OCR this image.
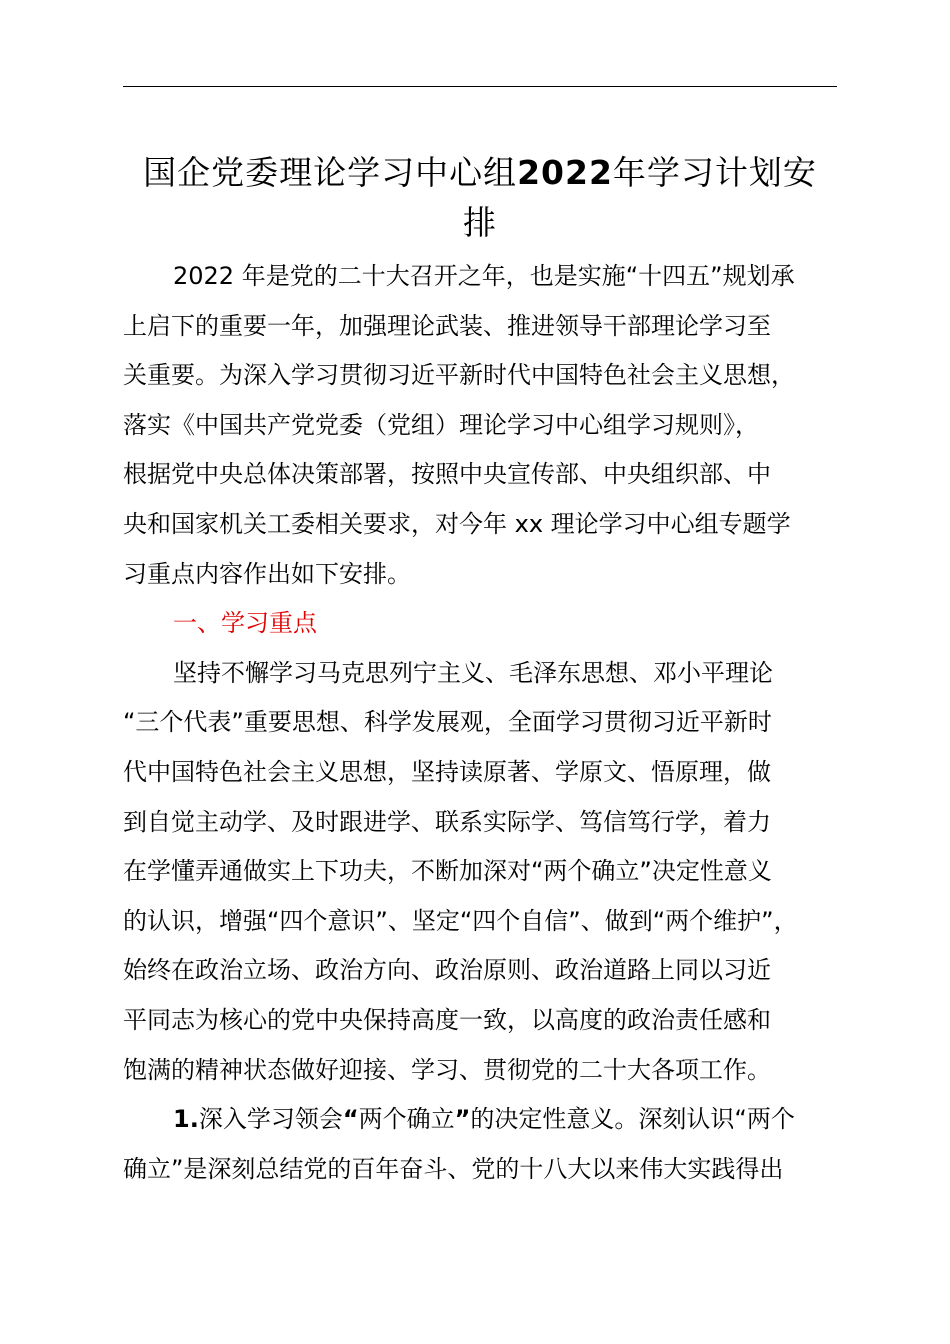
国企党委理论学习中心组2022年学习计划安
排
2022 年是党的二十大召开之年，也是实施“十四五”规划承
上启下的重要一年，加强理论武装、推进领导干部理论学习至
关重要。为深入学习贯彻习近平新时代中国特色社会主义思想，
落实《中国共产党党委（党组）理论学习中心组学习规则》，
根据党中央总体决策部署，按照中央宣传部、中央组织部、中
央和国家机关工委相关要求，对今年 xx 理论学习中心组专题学
习重点内容作出如下安排。
一、学习重点
坚持不懈学习马克思列宁主义、毛泽东思想、邓小平理论
“三个代表”重要思想、科学发展观，全面学习贯彻习近平新时
代中国特色社会主义思想，坚持读原著、学原文、悟原理，做
到自觉主动学、及时跟进学、联系实际学、笃信笃行学，着力
在学懂弄通做实上下功夫，不断加深对“两个确立”决定性意义
的认识，增强“四个意识”、坚定“四个自信”、做到“两个维护”，
始终在政治立场、政治方向、政治原则、政治道路上同以习近
平同志为核心的党中央保持高度一致，以高度的政治责任感和
饱满的精神状态做好迎接、学习、贯彻党的二十大各项工作。
1.深入学习领会“两个确立”的决定性意义。深刻认识“两个
确立”是深刻总结党的百年奋斗、党的十八大以来伟大实践得出
